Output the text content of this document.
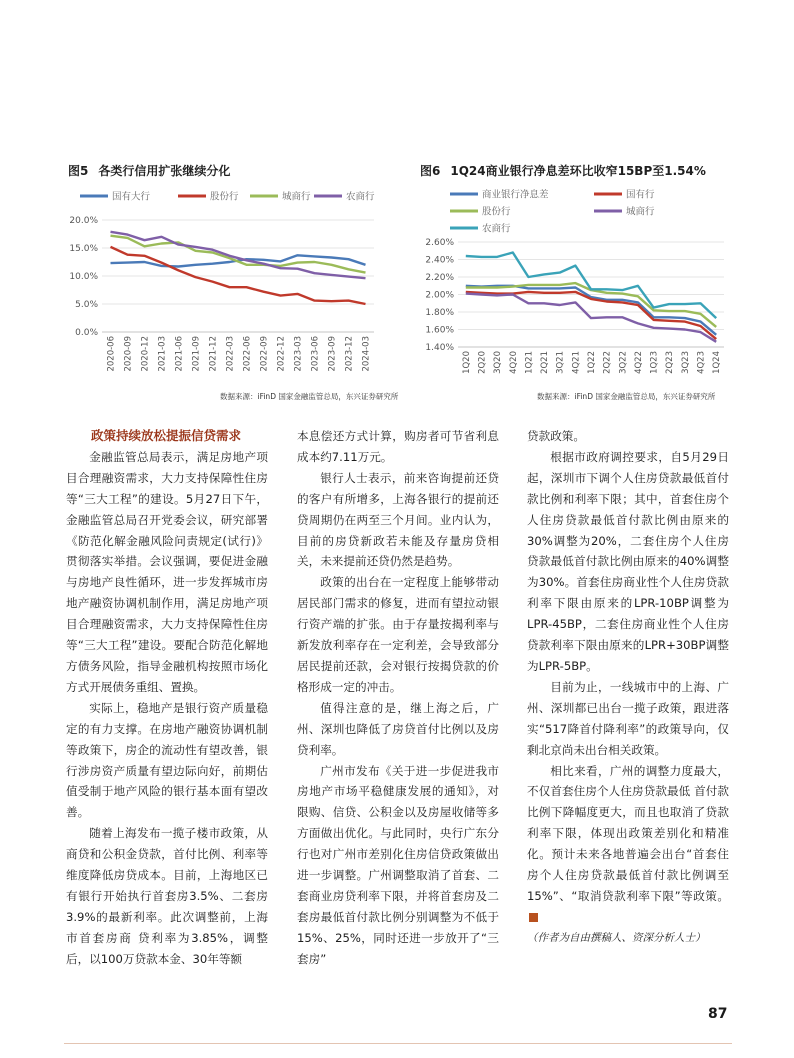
图5 各类行信用扩张继续分化
国有大行	股份行	城商行	农商行
20.0%
15.0%
10.0%
5.0%
0.0%
2020-06 2020-09 2020-12 2021-03 2021-06 2021-09 2021-12 2022-03 2022-06 2022-09 2022-12 2023-03 2023-06 2023-09 2023-12 2024-03
数据来源：iFinD 国家金融监管总局，东兴证券研究所
图6 1Q24商业银行净息差环比收窄15BP至1.54%
商业银行净息差	国有行
股份行	城商行
农商行
2.60%
2.40%
2.20%
2.00%
1.80%
1.60%
1.40%
1Q20 2Q20 3Q20 4Q20 1Q21 2Q21 3Q21 4Q21 1Q22 2Q22 3Q22 4Q22 1Q23 2Q23 3Q23 4Q23 1Q24
数据来源：iFinD 国家金融监管总局，东兴证券研究所

政策持续放松提振信贷需求

金融监管总局表示，满足房地产项目合理融资需求，大力支持保障性住房等“三大工程”的建设。5月27日下午，金融监管总局召开党委会议，研究部署《防范化解金融风险问责规定(试行)》贯彻落实举措。会议强调，要促进金融与房地产良性循环，进一步发挥城市房地产融资协调机制作用，满足房地产项目合理融资需求，大力支持保障性住房等“三大工程”建设。要配合防范化解地方债务风险，指导金融机构按照市场化方式开展债务重组、置换。

实际上，稳地产是银行资产质量稳定的有力支撑。在房地产融资协调机制等政策下，房企的流动性有望改善，银行涉房资产质量有望边际向好，前期估值受制于地产风险的银行基本面有望改善。

随着上海发布一揽子楼市政策，从商贷和公积金贷款，首付比例、利率等维度降低房贷成本。目前，上海地区已有银行开始执行首套房3.5%、二套房3.9%的最新利率。此次调整前，上海市首套房商 贷利率为3.85%，调整后，以100万贷款本金、30年等额

本息偿还方式计算，购房者可节省利息成本约7.11万元。

银行人士表示，前来咨询提前还贷的客户有所增多，上海各银行的提前还贷周期仍在两至三个月间。业内认为，目前的房贷新政若未能及存量房贷相关，未来提前还贷仍然是趋势。

政策的出台在一定程度上能够带动居民部门需求的修复，进而有望拉动银行资产端的扩张。由于存量按揭利率与新发放利率存在一定利差，会导致部分居民提前还款，会对银行按揭贷款的价格形成一定的冲击。

值得注意的是，继上海之后，广州、深圳也降低了房贷首付比例以及房贷利率。

广州市发布《关于进一步促进我市房地产市场平稳健康发展的通知》，对限购、信贷、公积金以及房屋收储等多方面做出优化。与此同时，央行广东分行也对广州市差别化住房信贷政策做出进一步调整。广州调整取消了首套、二套商业房贷利率下限，并将首套房及二套房最低首付款比例分别调整为不低于15%、25%，同时还进一步放开了“三套房”

贷款政策。

根据市政府调控要求，自5月29日起，深圳市下调个人住房贷款最低首付款比例和利率下限；其中，首套住房个人住房贷款最低首付款比例由原来的30%调整为20%，二套住房个人住房贷款最低首付款比例由原来的40%调整为30%。首套住房商业性个人住房贷款利率下限由原来的LPR-10BP调整为LPR-45BP，二套住房商业性个人住房贷款利率下限由原来的LPR+30BP调整为LPR-5BP。

目前为止，一线城市中的上海、广州、深圳都已出台一揽子政策，跟进落实“517降首付降利率”的政策导向，仅剩北京尚未出台相关政策。

相比来看，广州的调整力度最大，不仅首套住房个人住房贷款最低 首付款比例下降幅度更大，而且也取消了贷款利率下限，体现出政策差别化和精准化。预计未来各地普遍会出台“首套住房个人住房贷款最低首付款比例调至15%”、“取消贷款利率下限”等政策。

（作者为自由撰稿人、资深分析人士）

87
